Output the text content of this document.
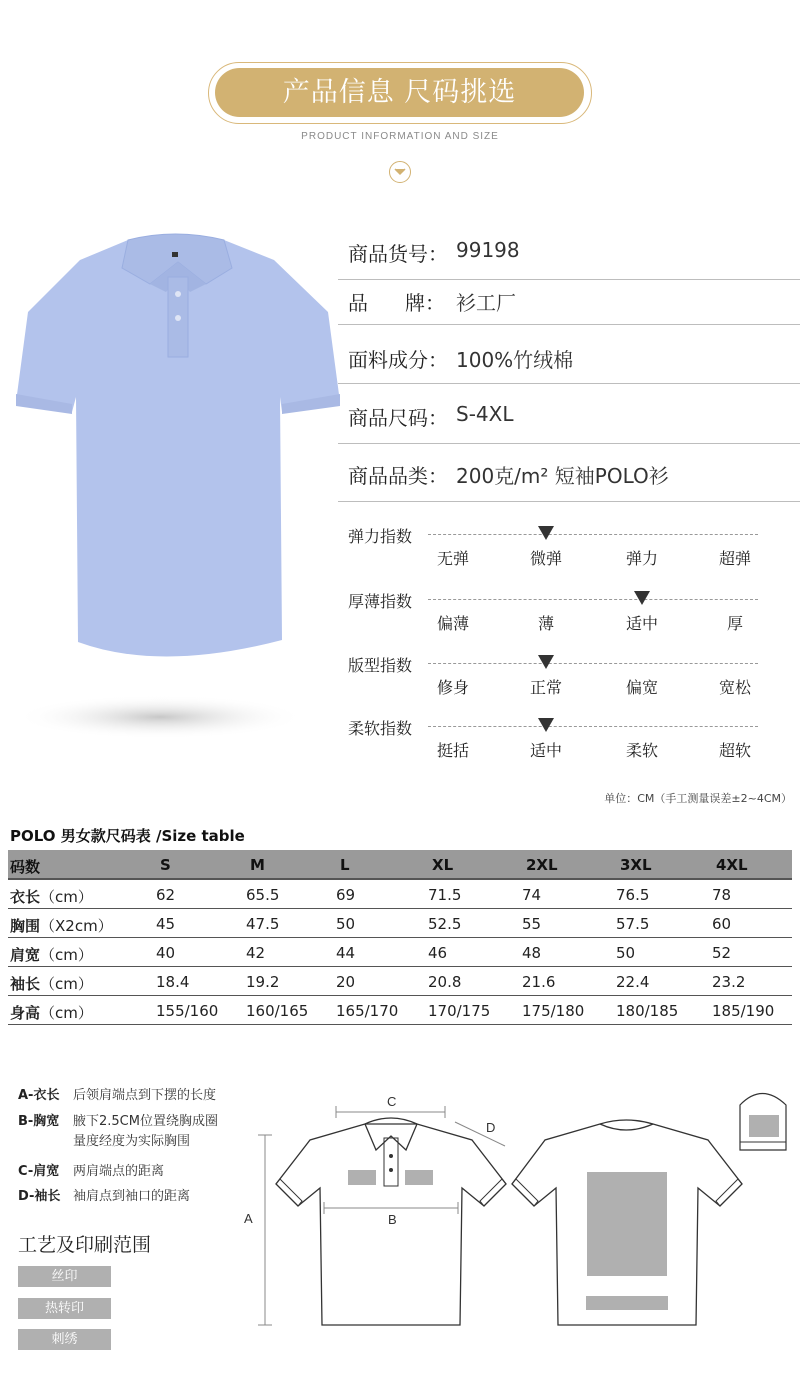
产品信息 尺码挑选
PRODUCT INFORMATION AND SIZE
商品货号： 99198
品 牌： 衫工厂
面料成分： 100%竹绒棉
商品尺码： S-4XL
商品品类： 200克/m² 短袖POLO衫
弹力指数
无弹	微弹	弹力	超弹
厚薄指数
偏薄	薄	适中	厚
版型指数
修身	正常	偏宽	宽松
柔软指数
挺括	适中	柔软	超软
单位：CM（手工测量误差±2~4CM）
POLO 男女款尺码表 /Size table
码数	S	M	L	XL	2XL	3XL	4XL
衣长（cm）	62	65.5	69	71.5	74	76.5	78
胸围（X2cm）	45	47.5	50	52.5	55	57.5	60
肩宽（cm）	40	42	44	46	48	50	52
袖长（cm）	18.4	19.2	20	20.8	21.6	22.4	23.2
身高（cm）	155/160 160/165 165/170 170/175 175/180 180/185 185/190
A-衣长 后领肩端点到下摆的长度
B-胸宽 腋下2.5CM位置绕胸成圈
量度经度为实际胸围
C-肩宽 两肩端点的距离
D-袖长 袖肩点到袖口的距离
工艺及印刷范围
丝印
热转印
刺绣
A
C
D
B
